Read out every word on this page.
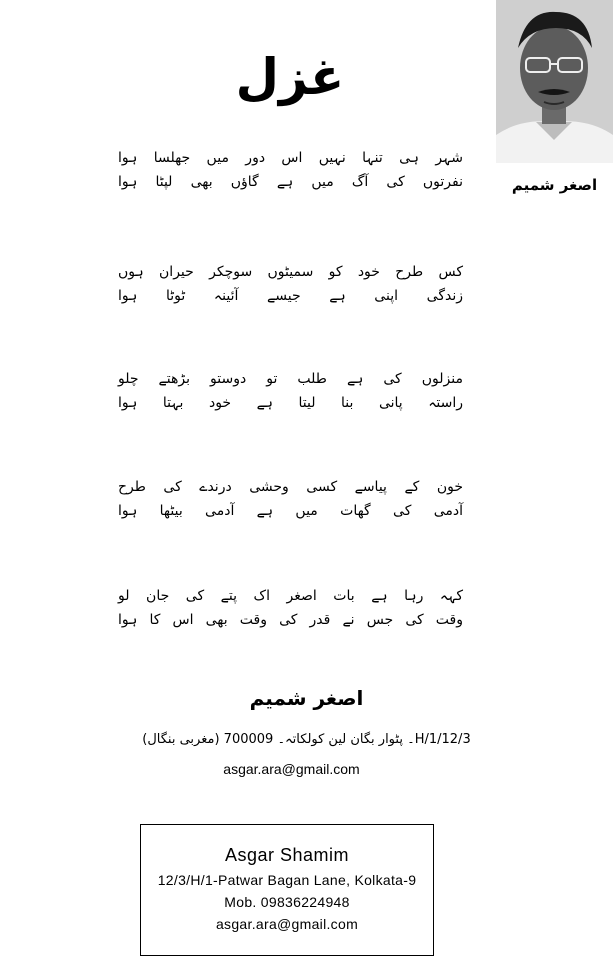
اصغر شمیم
غزل
شہر ہی تنہا نہیں اس دور میں جھلسا ہوا
نفرتوں کی آگ میں ہے گاؤں بھی لپٹا ہوا
کس طرح خود کو سمیٹوں سوچکر حیران ہوں
زندگی اپنی ہے جیسے آئینہ ٹوٹا ہوا
منزلوں کی ہے طلب تو دوستو بڑھتے چلو
راستہ پانی بنا لیتا ہے خود بہتا ہوا
خون کے پیاسے کسی وحشی درندے کی طرح
آدمی کی گھات میں ہے آدمی بیٹھا ہوا
کہہ رہا ہے بات اصغر اک پتے کی جان لو
وقت کی جس نے قدر کی وقت بھی اس کا ہوا
اصغر شمیم
12/3/H/1۔ پٹوار بگان لین کولکاتہ۔ 700009 (مغربی بنگال)
asgar.ara@gmail.com
Asgar Shamim
12/3/H/1-Patwar Bagan Lane, Kolkata-9
Mob. 09836224948
asgar.ara@gmail.com
